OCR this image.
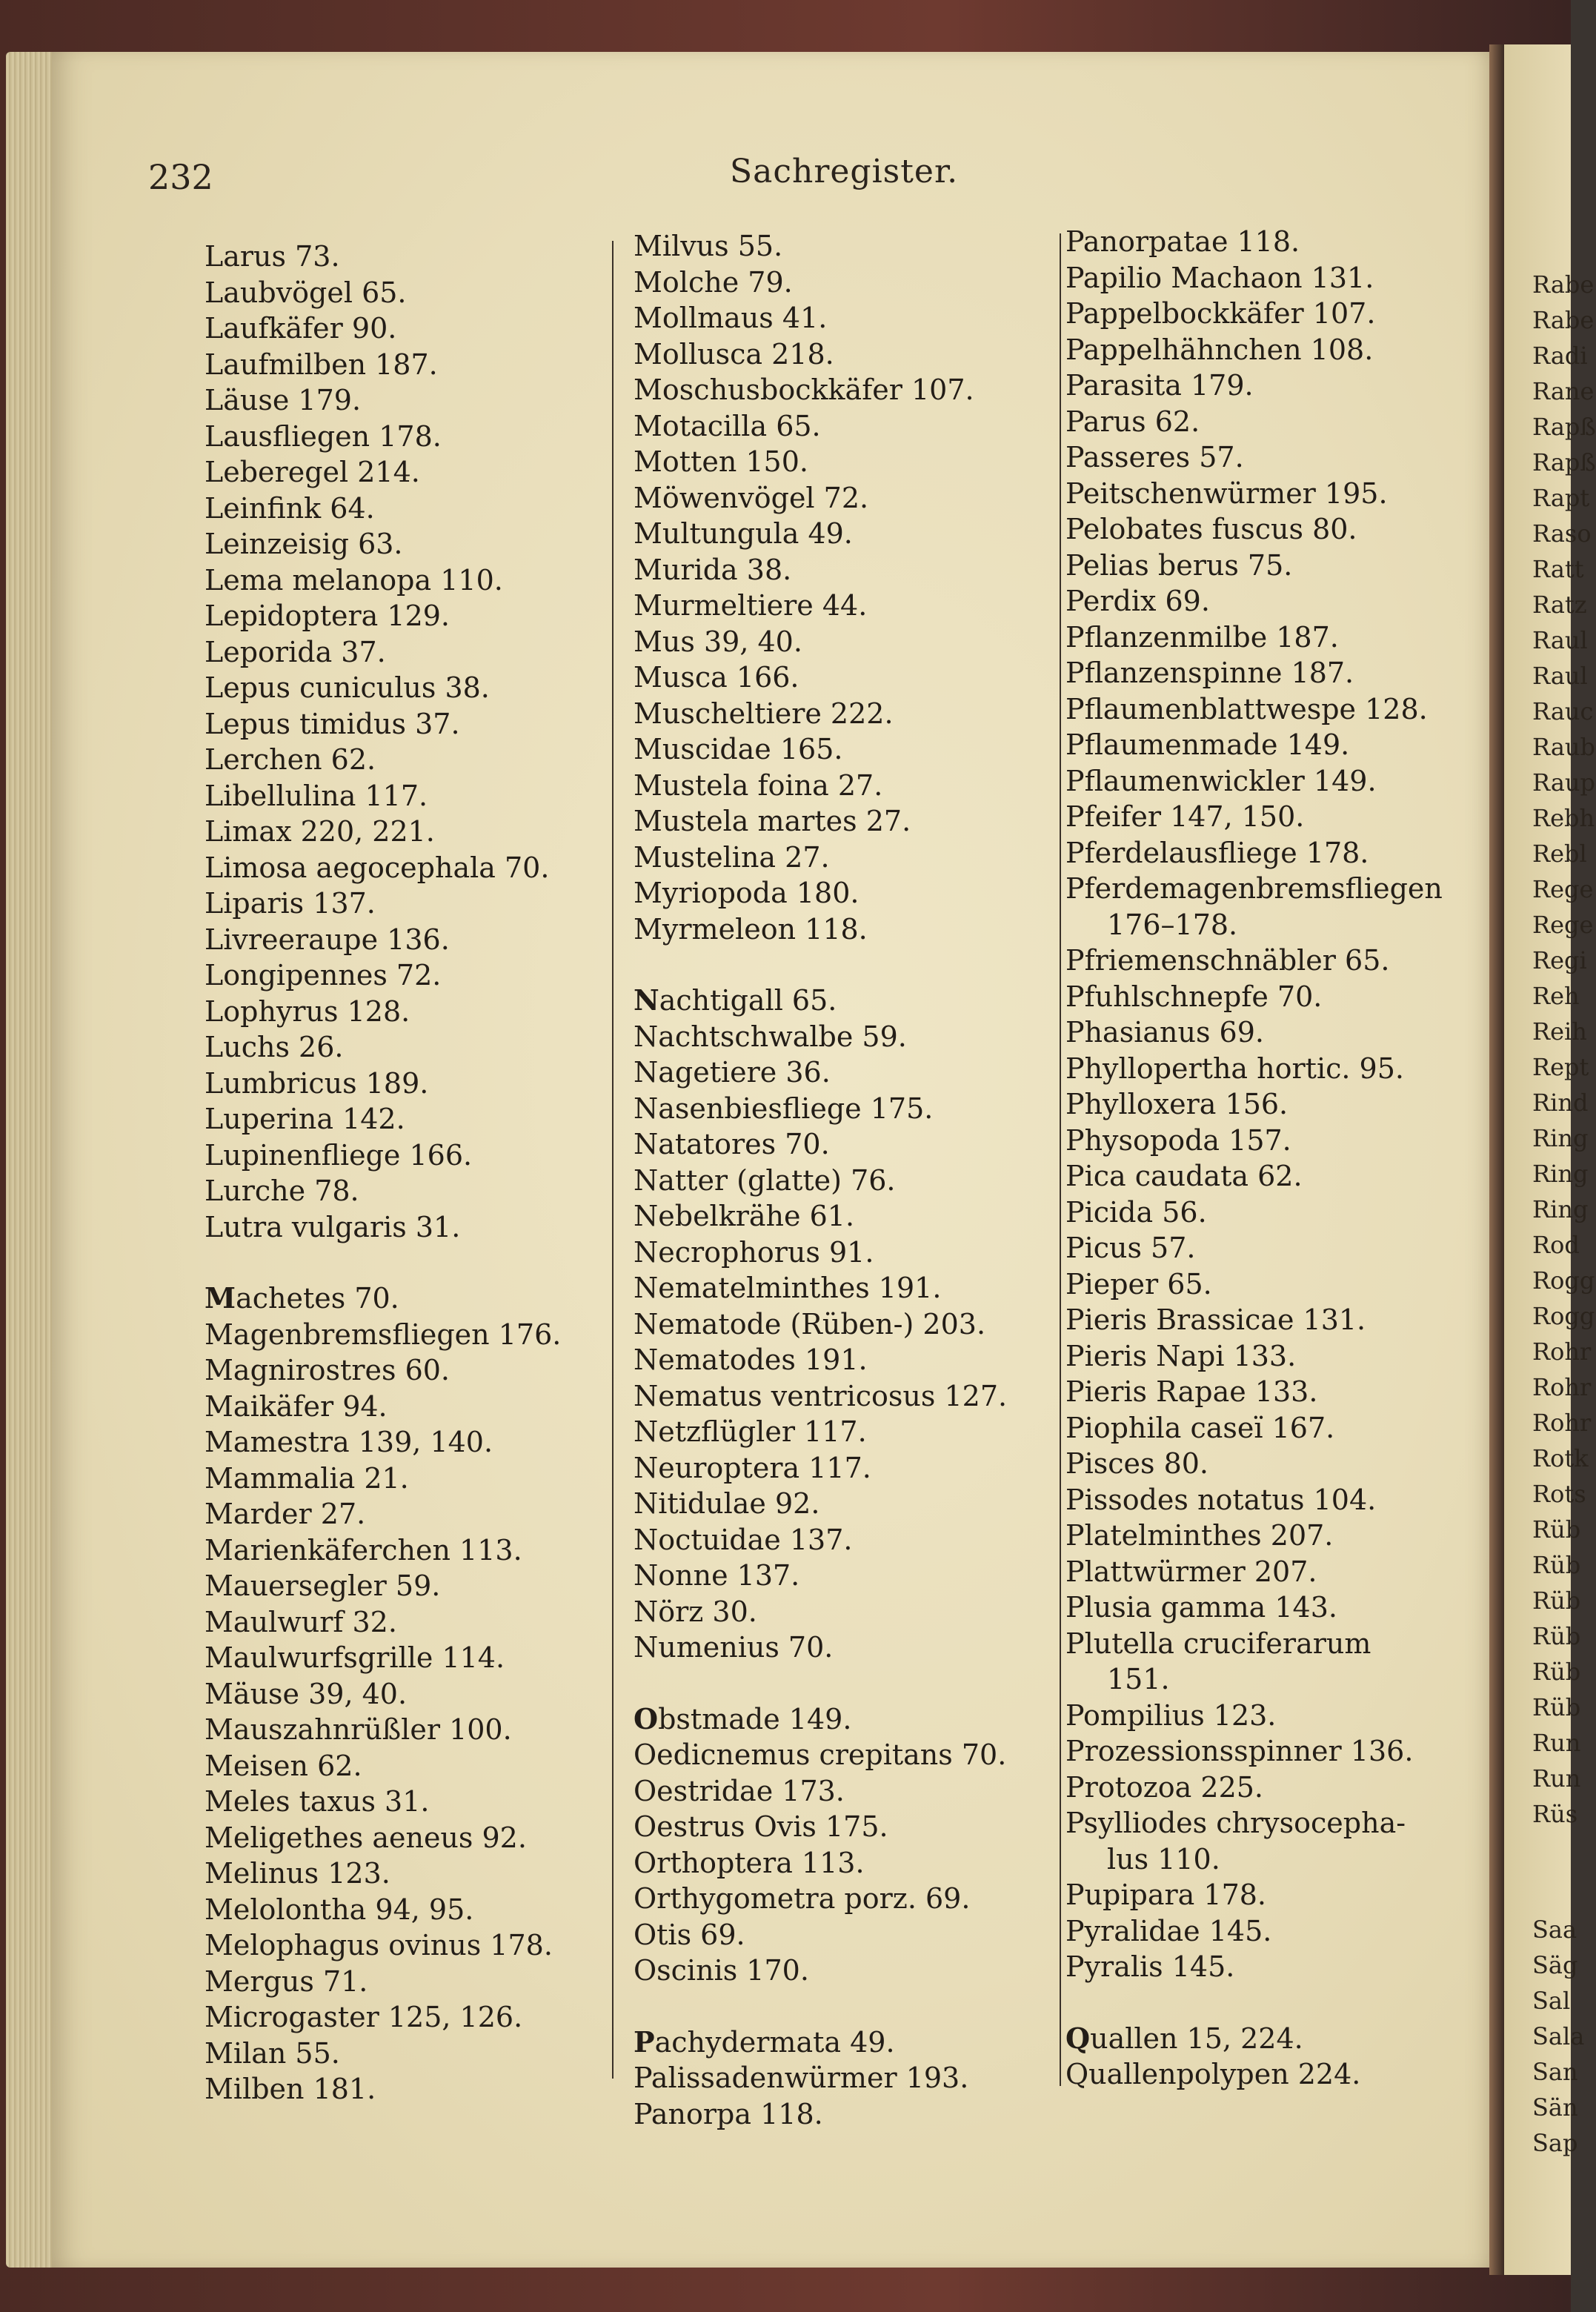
232	Sachregister.
Larus 73.
Laubvögel 65.
Laufkäfer 90.
Laufmilben 187.
Läuse 179.
Lausfliegen 178.
Leberegel 214.
Leinfink 64.
Leinzeisig 63.
Lema melanopa 110.
Lepidoptera 129.
Leporida 37.
Lepus cuniculus 38.
Lepus timidus 37.
Lerchen 62.
Libellulina 117.
Limax 220, 221.
Limosa aegocephala 70.
Liparis 137.
Livreeraupe 136.
Longipennes 72.
Lophyrus 128.
Luchs 26.
Lumbricus 189.
Luperina 142.
Lupinenfliege 166.
Lurche 78.
Lutra vulgaris 31.
Machetes 70.
Magenbremsfliegen 176.
Magnirostres 60.
Maikäfer 94.
Mamestra 139, 140.
Mammalia 21.
Marder 27.
Marienkäferchen 113.
Mauersegler 59.
Maulwurf 32.
Maulwurfsgrille 114.
Mäuse 39, 40.
Mauszahnrüßler 100.
Meisen 62.
Meles taxus 31.
Meligethes aeneus 92.
Melinus 123.
Melolontha 94, 95.
Melophagus ovinus 178.
Mergus 71.
Microgaster 125, 126.
Milan 55.
Milben 181.
Milvus 55.
Molche 79.
Mollmaus 41.
Mollusca 218.
Moschusbockkäfer 107.
Motacilla 65.
Motten 150.
Möwenvögel 72.
Multungula 49.
Murida 38.
Murmeltiere 44.
Mus 39, 40.
Musca 166.
Muscheltiere 222.
Muscidae 165.
Mustela foina 27.
Mustela martes 27.
Mustelina 27.
Myriopoda 180.
Myrmeleon 118.
Nachtigall 65.
Nachtschwalbe 59.
Nagetiere 36.
Nasenbiesfliege 175.
Natatores 70.
Natter (glatte) 76.
Nebelkrähe 61.
Necrophorus 91.
Nematelminthes 191.
Nematode (Rüben-) 203.
Nematodes 191.
Nematus ventricosus 127.
Netzflügler 117.
Neuroptera 117.
Nitidulae 92.
Noctuidae 137.
Nonne 137.
Nörz 30.
Numenius 70.
Obstmade 149.
Oedicnemus crepitans 70.
Oestridae 173.
Oestrus Ovis 175.
Orthoptera 113.
Orthygometra porz. 69.
Otis 69.
Oscinis 170.
Pachydermata 49.
Palissadenwürmer 193.
Panorpa 118.
Panorpatae 118.
Papilio Machaon 131.
Pappelbockkäfer 107.
Pappelhähnchen 108.
Parasita 179.
Parus 62.
Passeres 57.
Peitschenwürmer 195.
Pelobates fuscus 80.
Pelias berus 75.
Perdix 69.
Pflanzenmilbe 187.
Pflanzenspinne 187.
Pflaumenblattwespe 128.
Pflaumenmade 149.
Pflaumenwickler 149.
Pfeifer 147, 150.
Pferdelausfliege 178.
Pferdemagenbremsfliegen
176–178.
Pfriemenschnäbler 65.
Pfuhlschnepfe 70.
Phasianus 69.
Phyllopertha hortic. 95.
Phylloxera 156.
Physopoda 157.
Pica caudata 62.
Picida 56.
Picus 57.
Pieper 65.
Pieris Brassicae 131.
Pieris Napi 133.
Pieris Rapae 133.
Piophila caseï 167.
Pisces 80.
Pissodes notatus 104.
Platelminthes 207.
Plattwürmer 207.
Plusia gamma 143.
Plutella cruciferarum
151.
Pompilius 123.
Prozessionsspinner 136.
Protozoa 225.
Psylliodes chrysocepha-
lus 110.
Pupipara 178.
Pyralidae 145.
Pyralis 145.
Quallen 15, 224.
Quallenpolypen 224.
Rabe
Rabe
Radi
Rane
Rapß
Rapß
Rapt
Raso
Ratt
Ratz
Raul
Raul
Rauc
Raub
Raup
Rebh
Rebl
Rege
Rege
Regi
Reh
Reih
Rept
Rind
Ring
Ring
Ring
Rod
Rogg
Rogg
Rohr
Rohr
Rohr
Rotk
Rots
Rüb
Rüb
Rüb
Rüb
Rüb
Rüb
Run
Run
Rüs
Saa
Säg
Sal
Sala
San
Sän
Sap
